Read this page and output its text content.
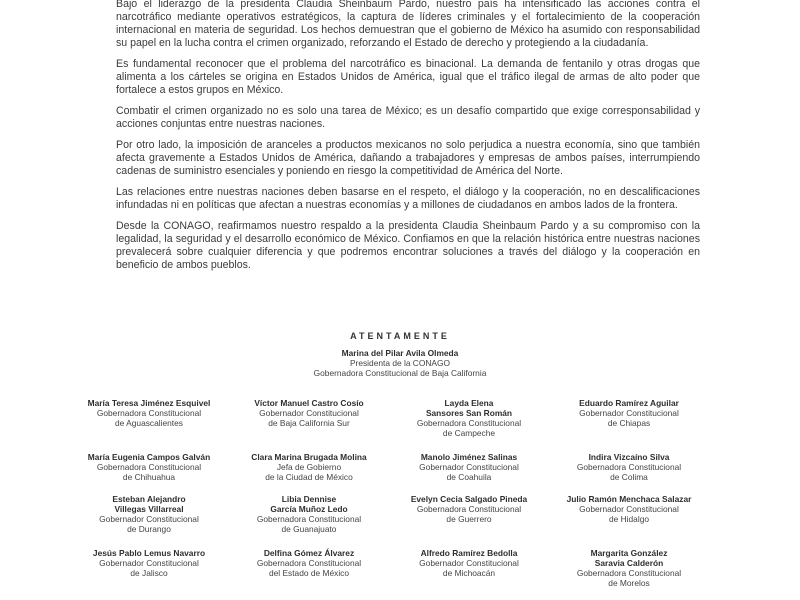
Bajo el liderazgo de la presidenta Claudia Sheinbaum Pardo, nuestro país ha intensificado las acciones contra el narcotráfico mediante operativos estratégicos, la captura de líderes criminales y el fortalecimiento de la cooperación internacional en materia de seguridad. Los hechos demuestran que el gobierno de México ha asumido con responsabilidad su papel en la lucha contra el crimen organizado, reforzando el Estado de derecho y protegiendo a la ciudadanía.

Es fundamental reconocer que el problema del narcotráfico es binacional. La demanda de fentanilo y otras drogas que alimenta a los cárteles se origina en Estados Unidos de América, igual que el tráfico ilegal de armas de alto poder que fortalece a estos grupos en México.

Combatir el crimen organizado no es solo una tarea de México; es un desafío compartido que exige corresponsabilidad y acciones conjuntas entre nuestras naciones.

Por otro lado, la imposición de aranceles a productos mexicanos no solo perjudica a nuestra economía, sino que también afecta gravemente a Estados Unidos de América, dañando a trabajadores y empresas de ambos países, interrumpiendo cadenas de suministro esenciales y poniendo en riesgo la competitividad de América del Norte.

Las relaciones entre nuestras naciones deben basarse en el respeto, el diálogo y la cooperación, no en descalificaciones infundadas ni en políticas que afectan a nuestras economías y a millones de ciudadanos en ambos lados de la frontera.

Desde la CONAGO, reafirmamos nuestro respaldo a la presidenta Claudia Sheinbaum Pardo y a su compromiso con la legalidad, la seguridad y el desarrollo económico de México. Confiamos en que la relación histórica entre nuestras naciones prevalecerá sobre cualquier diferencia y que podremos encontrar soluciones a través del diálogo y la cooperación en beneficio de ambos pueblos.

ATENTAMENTE
Marina del Pilar Avila Olmeda
Presidenta de la CONAGO
Gobernadora Constitucional de Baja California
María Teresa Jiménez Esquivel
Gobernadora Constitucional
de Aguascalientes
Víctor Manuel Castro Cosío
Gobernador Constitucional
de Baja California Sur
Layda Elena
Sansores San Román
Gobernadora Constitucional
de Campeche
Eduardo Ramírez Aguilar
Gobernador Constitucional
de Chiapas
María Eugenia Campos Galván
Gobernadora Constitucional
de Chihuahua
Clara Marina Brugada Molina
Jefa de Gobierno
de la Ciudad de México
Manolo Jiménez Salinas
Gobernador Constitucional
de Coahuila
Indira Vizcaíno Silva
Gobernadora Constitucional
de Colima
Esteban Alejandro
Villegas Villarreal
Gobernador Constitucional
de Durango
Libia Dennise
García Muñoz Ledo
Gobernadora Constitucional
de Guanajuato
Evelyn Cecia Salgado Pineda
Gobernadora Constitucional
de Guerrero
Julio Ramón Menchaca Salazar
Gobernador Constitucional
de Hidalgo
Jesús Pablo Lemus Navarro
Gobernador Constitucional
de Jalisco
Delfina Gómez Álvarez
Gobernadora Constitucional
del Estado de México
Alfredo Ramírez Bedolla
Gobernador Constitucional
de Michoacán
Margarita González
Saravia Calderón
Gobernadora Constitucional
de Morelos
